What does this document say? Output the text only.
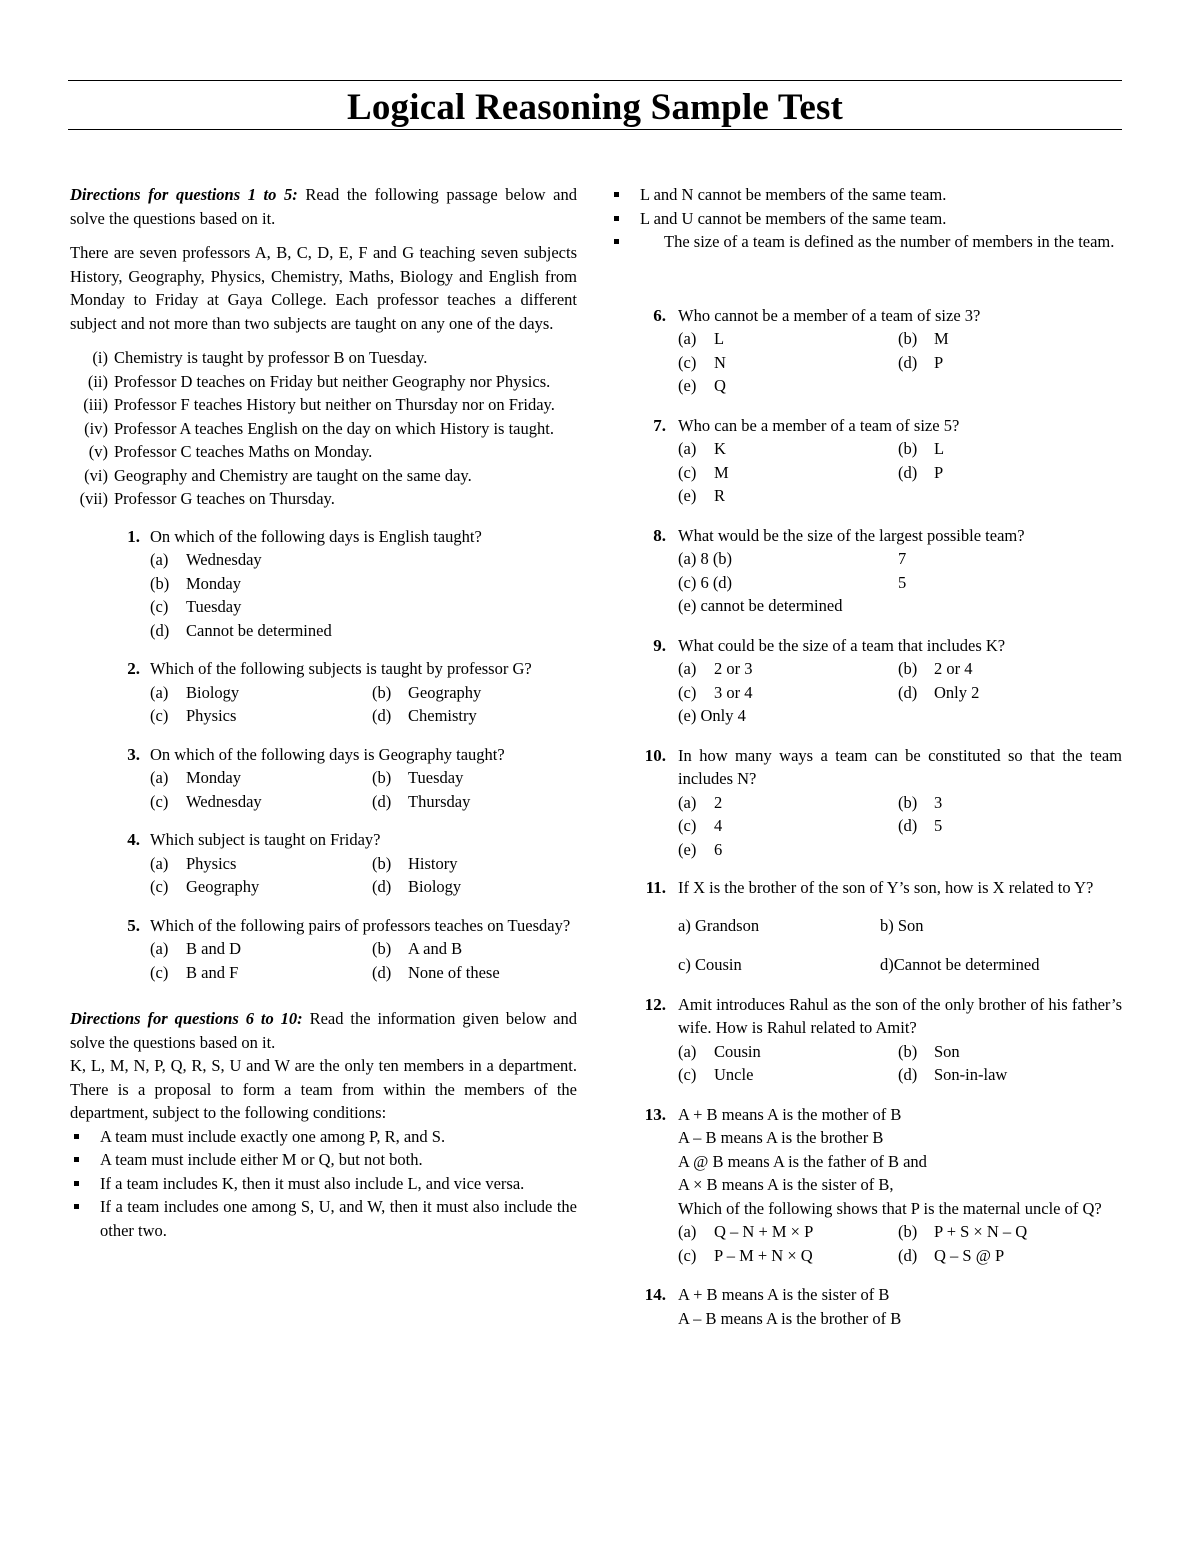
Logical Reasoning Sample Test

Directions for questions 1 to 5: Read the following passage below and solve the questions based on it.

There are seven professors A, B, C, D, E, F and G teaching seven subjects History, Geography, Physics, Chemistry, Maths, Biology and English from Monday to Friday at Gaya College. Each professor teaches a different subject and not more than two subjects are taught on any one of the days.

(i) Chemistry is taught by professor B on Tuesday.
(ii) Professor D teaches on Friday but neither Geography nor Physics.
(iii) Professor F teaches History but neither on Thursday nor on Friday.
(iv) Professor A teaches English on the day on which History is taught.
(v) Professor C teaches Maths on Monday.
(vi) Geography and Chemistry are taught on the same day.
(vii) Professor G teaches on Thursday.
1. On which of the following days is English taught?
(a) Wednesday
(b) Monday
(c) Tuesday
(d) Cannot be determined
2. Which of the following subjects is taught by professor G?
(a) Biology	(b) Geography
(c) Physics	(d) Chemistry
3. On which of the following days is Geography taught?
(a) Monday	(b) Tuesday
(c) Wednesday	(d) Thursday
4. Which subject is taught on Friday?
(a) Physics	(b) History
(c) Geography	(d) Biology
5. Which of the following pairs of professors teaches on Tuesday?
(a) B and D	(b) A and B
(c) B and F	(d) None of these

Directions for questions 6 to 10: Read the information given below and solve the questions based on it.

K, L, M, N, P, Q, R, S, U and W are the only ten members in a department. There is a proposal to form a team from within the members of the department, subject to the following conditions:

A team must include exactly one among P, R, and S.
A team must include either M or Q, but not both.
If a team includes K, then it must also include L, and vice versa.
If a team includes one among S, U, and W, then it must also include the other two.
L and N cannot be members of the same team.
L and U cannot be members of the same team.
The size of a team is defined as the number of members in the team.
6. Who cannot be a member of a team of size 3?
(a) L	(b) M
(c) N	(d) P
(e) Q
7. Who can be a member of a team of size 5?
(a) K	(b) L
(c) M	(d) P
(e) R
8. What would be the size of the largest possible team?
(a) 8 (b)	7
(c) 6 (d)	5
(e) cannot be determined
9. What could be the size of a team that includes K?
(a) 2 or 3	(b) 2 or 4
(c) 3 or 4	(d) Only 2
(e) Only 4
10. In how many ways a team can be constituted so that the team includes N?
(a) 2	(b) 3
(c) 4	(d) 5
(e) 6
11. If X is the brother of the son of Y’s son, how is X related to Y?
a) Grandson	b) Son
c) Cousin	d)Cannot be determined
12. Amit introduces Rahul as the son of the only brother of his father’s wife. How is Rahul related to Amit?
(a) Cousin	(b) Son
(c) Uncle	(d) Son-in-law
13. A + B means A is the mother of B
A – B means A is the brother B
A @ B means A is the father of B and
A × B means A is the sister of B,
Which of the following shows that P is the maternal uncle of Q?
(a) Q – N + M × P	(b) P + S × N – Q
(c) P – M + N × Q	(d) Q – S @ P
14. A + B means A is the sister of B
A – B means A is the brother of B
